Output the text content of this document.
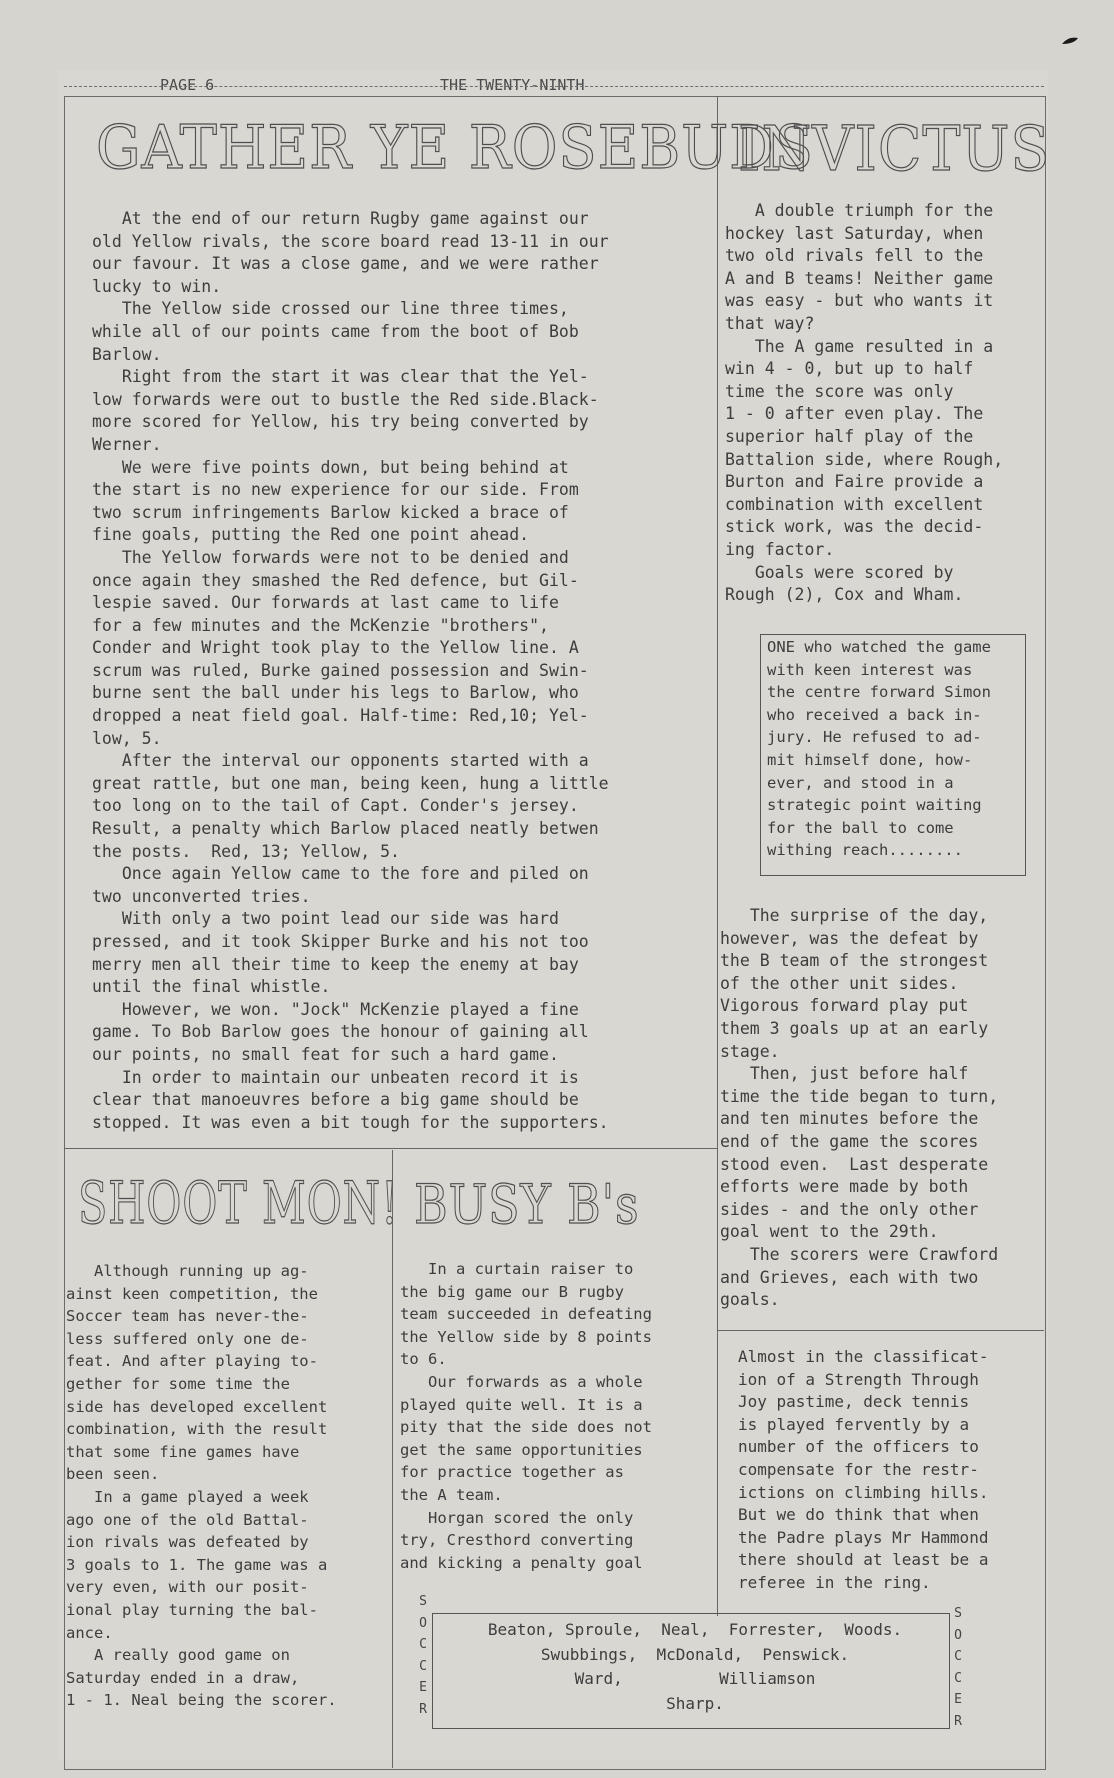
PAGE 6	THE TWENTY-NINTH
GATHER YE ROSEBUDS
INVICTUS
SHOOT MON! BUSY B's
At the end of our return Rugby game against our
old Yellow rivals, the score board read 13-11 in our
our favour. It was a close game, and we were rather
lucky to win.
The Yellow side crossed our line three times,
while all of our points came from the boot of Bob
Barlow.
Right from the start it was clear that the Yel-
low forwards were out to bustle the Red side.Black-
more scored for Yellow, his try being converted by
Werner.
We were five points down, but being behind at
the start is no new experience for our side. From
two scrum infringements Barlow kicked a brace of
fine goals, putting the Red one point ahead.
The Yellow forwards were not to be denied and
once again they smashed the Red defence, but Gil-
lespie saved. Our forwards at last came to life
for a few minutes and the McKenzie "brothers",
Conder and Wright took play to the Yellow line. A
scrum was ruled, Burke gained possession and Swin-
burne sent the ball under his legs to Barlow, who
dropped a neat field goal. Half-time: Red,10; Yel-
low, 5.
After the interval our opponents started with a
great rattle, but one man, being keen, hung a little
too long on to the tail of Capt. Conder's jersey.
Result, a penalty which Barlow placed neatly betwen
the posts.  Red, 13; Yellow, 5.
Once again Yellow came to the fore and piled on
two unconverted tries.
With only a two point lead our side was hard
pressed, and it took Skipper Burke and his not too
merry men all their time to keep the enemy at bay
until the final whistle.
However, we won. "Jock" McKenzie played a fine
game. To Bob Barlow goes the honour of gaining all
our points, no small feat for such a hard game.
In order to maintain our unbeaten record it is
clear that manoeuvres before a big game should be
stopped. It was even a bit tough for the supporters.
A double triumph for the
hockey last Saturday, when
two old rivals fell to the
A and B teams! Neither game
was easy - but who wants it
that way?
The A game resulted in a
win 4 - 0, but up to half
time the score was only
1 - 0 after even play. The
superior half play of the
Battalion side, where Rough,
Burton and Faire provide a
combination with excellent
stick work, was the decid-
ing factor.
Goals were scored by
Rough (2), Cox and Wham.
ONE who watched the game
with keen interest was
the centre forward Simon
who received a back in-
jury. He refused to ad-
mit himself done, how-
ever, and stood in a
strategic point waiting
for the ball to come
withing reach........
The surprise of the day,
however, was the defeat by
the B team of the strongest
of the other unit sides.
Vigorous forward play put
them 3 goals up at an early
stage.
Then, just before half
time the tide began to turn,
and ten minutes before the
end of the game the scores
stood even.  Last desperate
efforts were made by both
sides - and the only other
goal went to the 29th.
The scorers were Crawford
and Grieves, each with two
goals.
Almost in the classificat-
ion of a Strength Through
Joy pastime, deck tennis
is played fervently by a
number of the officers to
compensate for the restr-
ictions on climbing hills.
But we do think that when
the Padre plays Mr Hammond
there should at least be a
referee in the ring.
Although running up ag-
ainst keen competition, the
Soccer team has never-the-
less suffered only one de-
feat. And after playing to-
gether for some time the
side has developed excellent
combination, with the result
that some fine games have
been seen.
In a game played a week
ago one of the old Battal-
ion rivals was defeated by
3 goals to 1. The game was a
very even, with our posit-
ional play turning the bal-
ance.
A really good game on
Saturday ended in a draw,
1 - 1. Neal being the scorer.
In a curtain raiser to
the big game our B rugby
team succeeded in defeating
the Yellow side by 8 points
to 6.
Our forwards as a whole
played quite well. It is a
pity that the side does not
get the same opportunities
for practice together as
the A team.
Horgan scored the only
try, Cresthord converting
and kicking a penalty goal
Beaton, Sproule,  Neal,  Forrester,  Woods.
Swubbings,  McDonald,  Penswick.
Ward,          Williamson
Sharp.
S
O
C
C
E
R
S
O
C
C
E
R
